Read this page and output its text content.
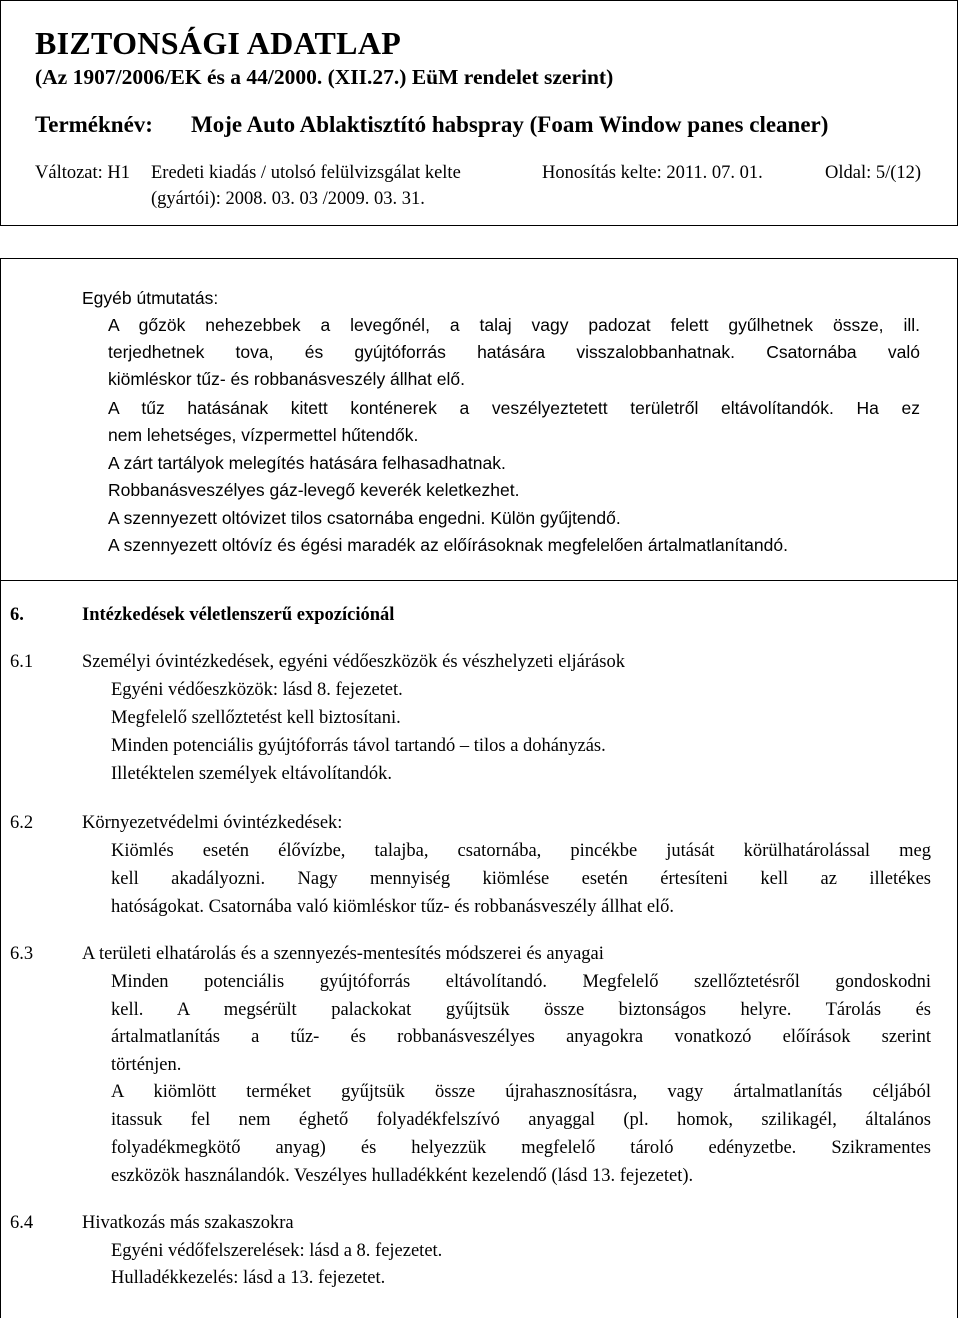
BIZTONSÁGI ADATLAP
(Az 1907/2006/EK és a 44/2000. (XII.27.) EüM rendelet szerint)
Terméknév: Moje Auto Ablaktisztító habspray (Foam Window panes cleaner)
Változat: H1 Eredeti kiadás / utolsó felülvizsgálat kelte
(gyártói): 2008. 03. 03 /2009. 03. 31.
Honosítás kelte: 2011. 07. 01.	Oldal: 5/(12)
Egyéb útmutatás:
A gőzök nehezebbek a levegőnél, a talaj vagy padozat felett gyűlhetnek össze, ill.
terjedhetnek tova, és gyújtóforrás hatására visszalobbanhatnak. Csatornába való
kiömléskor tűz- és robbanásveszély állhat elő.
A tűz hatásának kitett konténerek a veszélyeztetett területről eltávolítandók. Ha ez
nem lehetséges, vízpermettel hűtendők.
A zárt tartályok melegítés hatására felhasadhatnak.
Robbanásveszélyes gáz-levegő keverék keletkezhet.
A szennyezett oltóvizet tilos csatornába engedni. Külön gyűjtendő.
A szennyezett oltóvíz és égési maradék az előírásoknak megfelelően ártalmatlanítandó.
6.	Intézkedések véletlenszerű expozíciónál
6.1	Személyi óvintézkedések, egyéni védőeszközök és vészhelyzeti eljárások
Egyéni védőeszközök: lásd 8. fejezetet.
Megfelelő szellőztetést kell biztosítani.
Minden potenciális gyújtóforrás távol tartandó – tilos a dohányzás.
Illetéktelen személyek eltávolítandók.
6.2	Környezetvédelmi óvintézkedések:
Kiömlés esetén élővízbe, talajba, csatornába, pincékbe jutását körülhatárolással meg
kell akadályozni. Nagy mennyiség kiömlése esetén értesíteni kell az illetékes
hatóságokat. Csatornába való kiömléskor tűz- és robbanásveszély állhat elő.
6.3	A területi elhatárolás és a szennyezés-mentesítés módszerei és anyagai
Minden potenciális gyújtóforrás eltávolítandó. Megfelelő szellőztetésről gondoskodni
kell. A megsérült palackokat gyűjtsük össze biztonságos helyre. Tárolás és
ártalmatlanítás a tűz- és robbanásveszélyes anyagokra vonatkozó előírások szerint
történjen.
A kiömlött terméket gyűjtsük össze újrahasznosításra, vagy ártalmatlanítás céljából
itassuk fel nem éghető folyadékfelszívó anyaggal (pl. homok, szilikagél, általános
folyadékmegkötő anyag) és helyezzük megfelelő tároló edényzetbe. Szikramentes
eszközök használandók. Veszélyes hulladékként kezelendő (lásd 13. fejezetet).
6.4	Hivatkozás más szakaszokra
Egyéni védőfelszerelések: lásd a 8. fejezetet.
Hulladékkezelés: lásd a 13. fejezetet.
